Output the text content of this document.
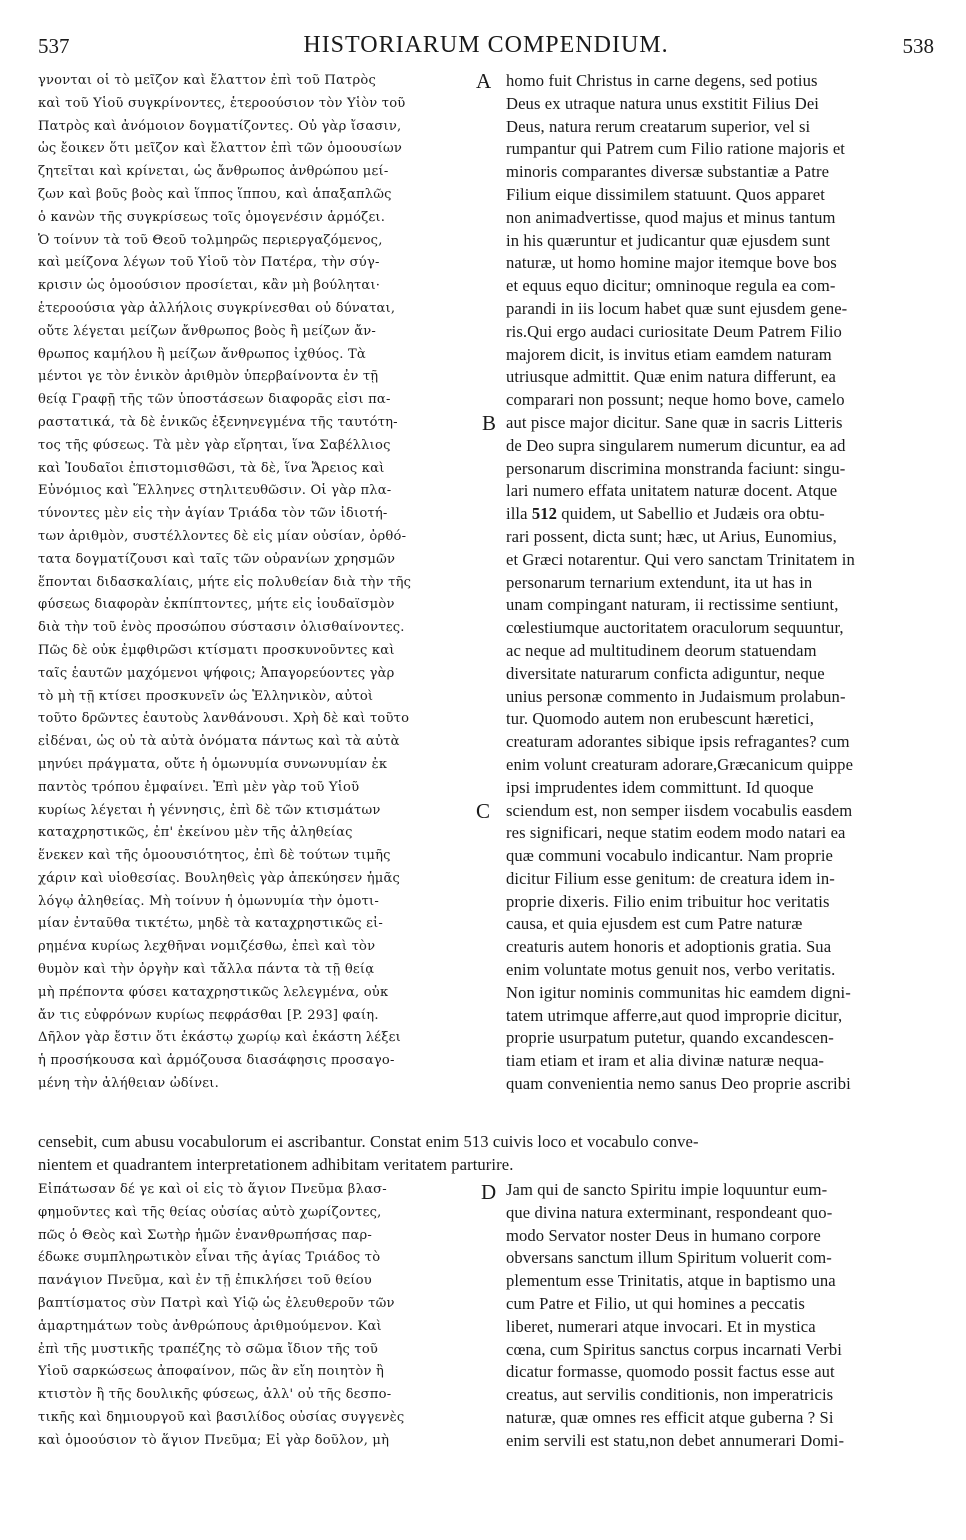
537	HISTORIARUM COMPENDIUM.	538
A
B
C
D
γνονται οἱ τὸ μεῖζον καὶ ἔλαττον ἐπὶ τοῦ Πατρὸς
καὶ τοῦ Υἱοῦ συγκρίνοντες, ἑτεροούσιον τὸν Υἱὸν τοῦ
Πατρὸς καὶ ἀνόμοιον δογματίζοντες. Οὐ γὰρ ἴσασιν,
ὡς ἔοικεν ὅτι μεῖζον καὶ ἔλαττον ἐπὶ τῶν ὁμοουσίων
ζητεῖται καὶ κρίνεται, ὡς ἄνθρωπος ἀνθρώπου μεί-
ζων καὶ βοῦς βοὸς καὶ ἵππος ἵππου, καὶ ἁπαξαπλῶς
ὁ κανὼν τῆς συγκρίσεως τοῖς ὁμογενέσιν ἁρμόζει.
Ὁ τοίνυν τὰ τοῦ Θεοῦ τολμηρῶς περιεργαζόμενος,
καὶ μείζονα λέγων τοῦ Υἱοῦ τὸν Πατέρα, τὴν σύγ-
κρισιν ὡς ὁμοούσιον προσίεται, κἂν μὴ βούληται·
ἑτεροούσια γὰρ ἀλλήλοις συγκρίνεσθαι οὐ δύναται,
οὔτε λέγεται μείζων ἄνθρωπος βοὸς ἢ μείζων ἄν-
θρωπος καμήλου ἢ μείζων ἄνθρωπος ἰχθύος. Τὰ
μέντοι γε τὸν ἑνικὸν ἀριθμὸν ὑπερβαίνοντα ἐν τῇ
θείᾳ Γραφῇ τῆς τῶν ὑποστάσεων διαφορᾶς εἰσι πα-
ραστατικά, τὰ δὲ ἑνικῶς ἐξενηνεγμένα τῆς ταυτότη-
τος τῆς φύσεως. Τὰ μὲν γὰρ εἴρηται, ἵνα Σαβέλλιος
καὶ Ἰουδαῖοι ἐπιστομισθῶσι, τὰ δὲ, ἵνα Ἄρειος καὶ
Εὐνόμιος καὶ Ἕλληνες στηλιτευθῶσιν. Οἱ γὰρ πλα-
τύνοντες μὲν εἰς τὴν ἁγίαν Τριάδα τὸν τῶν ἰδιοτή-
των ἀριθμὸν, συστέλλοντες δὲ εἰς μίαν οὐσίαν, ὀρθό-
τατα δογματίζουσι καὶ ταῖς τῶν οὐρανίων χρησμῶν
ἕπονται διδασκαλίαις, μήτε εἰς πολυθείαν διὰ τὴν τῆς
φύσεως διαφορὰν ἐκπίπτοντες, μήτε εἰς ἰουδαϊσμὸν
διὰ τὴν τοῦ ἑνὸς προσώπου σύστασιν ὀλισθαίνοντες.
Πῶς δὲ οὐκ ἐμφθιρῶσι κτίσματι προσκυνοῦντες καὶ
ταῖς ἑαυτῶν μαχόμενοι ψήφοις; Ἀπαγορεύοντες γὰρ
τὸ μὴ τῇ κτίσει προσκυνεῖν ὡς Ἑλληνικὸν, αὐτοὶ
τοῦτο δρῶντες ἑαυτοὺς λανθάνουσι. Χρὴ δὲ καὶ τοῦτο
εἰδέναι, ὡς οὐ τὰ αὐτὰ ὀνόματα πάντως καὶ τὰ αὐτὰ
μηνύει πράγματα, οὔτε ἡ ὁμωνυμία συνωνυμίαν ἐκ
παντὸς τρόπου ἐμφαίνει. Ἐπὶ μὲν γὰρ τοῦ Υἱοῦ
κυρίως λέγεται ἡ γέννησις, ἐπὶ δὲ τῶν κτισμάτων
καταχρηστικῶς, ἐπ' ἐκείνου μὲν τῆς ἀληθείας
ἕνεκεν καὶ τῆς ὁμοουσιότητος, ἐπὶ δὲ τούτων τιμῆς
χάριν καὶ υἱοθεσίας. Βουληθεὶς γὰρ ἀπεκύησεν ἡμᾶς
λόγῳ ἀληθείας. Μὴ τοίνυν ἡ ὁμωνυμία τὴν ὁμοτι-
μίαν ἐνταῦθα τικτέτω, μηδὲ τὰ καταχρηστικῶς εἰ-
ρημένα κυρίως λεχθῆναι νομιζέσθω, ἐπεὶ καὶ τὸν
θυμὸν καὶ τὴν ὀργὴν καὶ τἄλλα πάντα τὰ τῇ θείᾳ
μὴ πρέποντα φύσει καταχρηστικῶς λελεγμένα, οὐκ
ἄν τις εὐφρόνων κυρίως πεφράσθαι [P. 293] φαίη.
Δῆλον γὰρ ἔστιν ὅτι ἑκάστῳ χωρίῳ καὶ ἑκάστη λέξει
ἡ προσήκουσα καὶ ἁρμόζουσα διασάφησις προσαγο-
μένη τὴν ἀλήθειαν ὠδίνει.
homo fuit Christus in carne degens, sed potius
Deus ex utraque natura unus exstitit Filius Dei
Deus, natura rerum creatarum superior, vel si
rumpantur qui Patrem cum Filio ratione majoris et
minoris comparantes diversæ substantiæ a Patre
Filium eique dissimilem statuunt. Quos apparet
non animadvertisse, quod majus et minus tantum
in his quæruntur et judicantur quæ ejusdem sunt
naturæ, ut homo homine major itemque bove bos
et equus equo dicitur; omninoque regula ea com-
parandi in iis locum habet quæ sunt ejusdem gene-
ris.Qui ergo audaci curiositate Deum Patrem Filio
majorem dicit, is invitus etiam eamdem naturam
utriusque admittit. Quæ enim natura differunt, ea
comparari non possunt; neque homo bove, camelo
aut pisce major dicitur. Sane quæ in sacris Litteris
de Deo supra singularem numerum dicuntur, ea ad
personarum discrimina monstranda faciunt: singu-
lari numero effata unitatem naturæ docent. Atque
illa 512 quidem, ut Sabellio et Judæis ora obtu-
rari possent, dicta sunt; hæc, ut Arius, Eunomius,
et Græci notarentur. Qui vero sanctam Trinitatem in
personarum ternarium extendunt, ita ut has in
unam compingant naturam, ii rectissime sentiunt,
cœlestiumque auctoritatem oraculorum sequuntur,
ac neque ad multitudinem deorum statuendam
diversitate naturarum conficta adiguntur, neque
unius personæ commento in Judaismum prolabun-
tur. Quomodo autem non erubescunt hæretici,
creaturam adorantes sibique ipsis refragantes? cum
enim volunt creaturam adorare,Græcanicum quippe
ipsi imprudentes idem committunt. Id quoque
sciendum est, non semper iisdem vocabulis easdem
res significari, neque statim eodem modo natari ea
quæ communi vocabulo indicantur. Nam proprie
dicitur Filium esse genitum: de creatura idem in-
proprie dixeris. Filio enim tribuitur hoc veritatis
causa, et quia ejusdem est cum Patre naturæ
creaturis autem honoris et adoptionis gratia. Sua
enim voluntate motus genuit nos, verbo veritatis.
Non igitur nominis communitas hic eamdem digni-
tatem utrimque afferre,aut quod improprie dicitur,
proprie usurpatum putetur, quando excandescen-
tiam etiam et iram et alia divinæ naturæ nequa-
quam convenientia nemo sanus Deo proprie ascribi
censebit, cum abusu vocabulorum ei ascribantur. Constat enim 513 cuivis loco et vocabulo conve-
nientem et quadrantem interpretationem adhibitam veritatem parturire.
Εἰπάτωσαν δέ γε καὶ οἱ εἰς τὸ ἅγιον Πνεῦμα βλασ-
φημοῦντες καὶ τῆς θείας οὐσίας αὐτὸ χωρίζοντες,
πῶς ὁ Θεὸς καὶ Σωτὴρ ἡμῶν ἐνανθρωπήσας παρ-
έδωκε συμπληρωτικὸν εἶναι τῆς ἁγίας Τριάδος τὸ
πανάγιον Πνεῦμα, καὶ ἐν τῇ ἐπικλήσει τοῦ θείου
βαπτίσματος σὺν Πατρὶ καὶ Υἱῷ ὡς ἐλευθεροῦν τῶν
ἁμαρτημάτων τοὺς ἀνθρώπους ἀριθμούμενον. Καὶ
ἐπὶ τῆς μυστικῆς τραπέζης τὸ σῶμα ἴδιον τῆς τοῦ
Υἱοῦ σαρκώσεως ἀποφαίνον, πῶς ἂν εἴη ποιητὸν ἢ
κτιστὸν ἢ τῆς δουλικῆς φύσεως, ἀλλ' οὐ τῆς δεσπο-
τικῆς καὶ δημιουργοῦ καὶ βασιλίδος οὐσίας συγγενὲς
καὶ ὁμοούσιον τὸ ἅγιον Πνεῦμα; Εἰ γὰρ δοῦλον, μὴ
Jam qui de sancto Spiritu impie loquuntur eum-
que divina natura exterminant, respondeant quo-
modo Servator noster Deus in humano corpore
obversans sanctum illum Spiritum voluerit com-
plementum esse Trinitatis, atque in baptismo una
cum Patre et Filio, ut qui homines a peccatis
liberet, numerari atque invocari. Et in mystica
cœna, cum Spiritus sanctus corpus incarnati Verbi
dicatur formasse, quomodo possit factus esse aut
creatus, aut servilis conditionis, non imperatricis
naturæ, quæ omnes res efficit atque guberna ? Si
enim servili est statu,non debet annumerari Domi-
